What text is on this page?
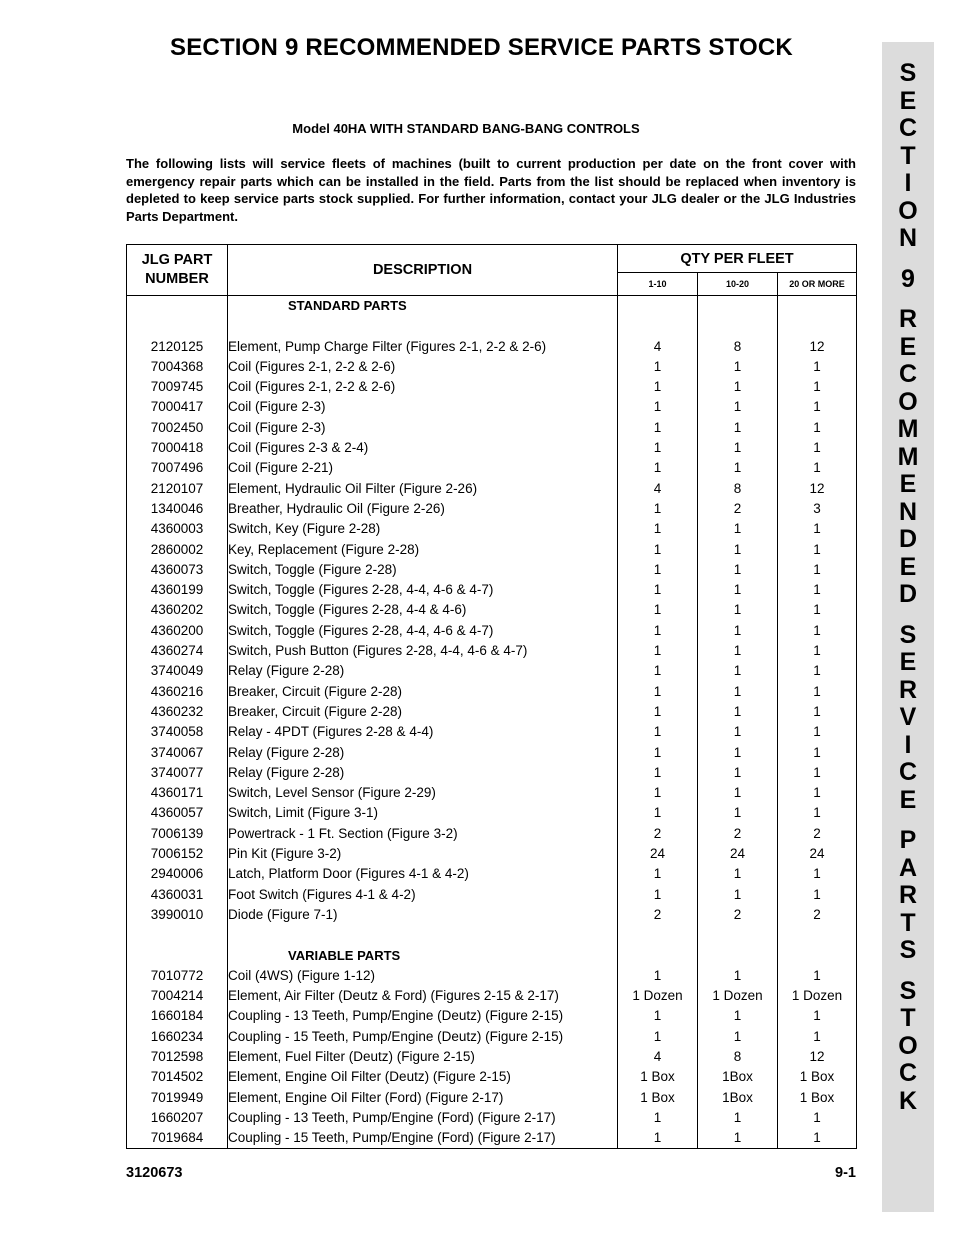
SECTION 9 RECOMMENDED SERVICE PARTS STOCK
Model 40HA WITH STANDARD BANG-BANG CONTROLS
The following lists will service fleets of machines (built to current production per date on the front cover with emergency repair parts which can be installed in the field. Parts from the list should be replaced when inventory is depleted to keep service parts stock supplied. For further information, contact your JLG dealer or the JLG Industries Parts Department.
S
E
C
T
I
O
N
9
R
E
C
O
M
M
E
N
D
E
D
S
E
R
V
I
C
E
P
A
R
T
S
S
T
O
C
K
JLG PART NUMBER	DESCRIPTION	QTY PER FLEET		
		1-10	10-20	20 OR MORE
	STANDARD PARTS			

2120125	Element, Pump Charge Filter (Figures 2-1, 2-2 & 2-6)	4	8	12
7004368	Coil (Figures 2-1, 2-2 & 2-6)	1	1	1
7009745	Coil (Figures 2-1, 2-2 & 2-6)	1	1	1
7000417	Coil (Figure 2-3)	1	1	1
7002450	Coil (Figure 2-3)	1	1	1
7000418	Coil (Figures 2-3 & 2-4)	1	1	1
7007496	Coil (Figure 2-21)	1	1	1
2120107	Element, Hydraulic Oil Filter (Figure 2-26)	4	8	12
1340046	Breather, Hydraulic Oil (Figure 2-26)	1	2	3
4360003	Switch, Key (Figure 2-28)	1	1	1
2860002	Key, Replacement (Figure 2-28)	1	1	1
4360073	Switch, Toggle (Figure 2-28)	1	1	1
4360199	Switch, Toggle (Figures 2-28, 4-4, 4-6 & 4-7)	1	1	1
4360202	Switch, Toggle (Figures 2-28, 4-4 & 4-6)	1	1	1
4360200	Switch, Toggle (Figures 2-28, 4-4, 4-6 & 4-7)	1	1	1
4360274	Switch, Push Button (Figures 2-28, 4-4, 4-6 & 4-7)	1	1	1
3740049	Relay (Figure 2-28)	1	1	1
4360216	Breaker, Circuit (Figure 2-28)	1	1	1
4360232	Breaker, Circuit (Figure 2-28)	1	1	1
3740058	Relay - 4PDT (Figures 2-28 & 4-4)	1	1	1
3740067	Relay (Figure 2-28)	1	1	1
3740077	Relay (Figure 2-28)	1	1	1
4360171	Switch, Level Sensor (Figure 2-29)	1	1	1
4360057	Switch, Limit (Figure 3-1)	1	1	1
7006139	Powertrack - 1 Ft. Section (Figure 3-2)	2	2	2
7006152	Pin Kit (Figure 3-2)	24	24	24
2940006	Latch, Platform Door (Figures 4-1 & 4-2)	1	1	1
4360031	Foot Switch (Figures 4-1 & 4-2)	1	1	1
3990010	Diode (Figure 7-1)	2	2	2

	VARIABLE PARTS			
7010772	Coil (4WS) (Figure 1-12)	1	1	1
7004214	Element, Air Filter (Deutz & Ford) (Figures 2-15 & 2-17)	1 Dozen	1 Dozen	1 Dozen
1660184	Coupling - 13 Teeth, Pump/Engine (Deutz) (Figure 2-15)	1	1	1
1660234	Coupling - 15 Teeth, Pump/Engine (Deutz) (Figure 2-15)	1	1	1
7012598	Element, Fuel Filter (Deutz) (Figure 2-15)	4	8	12
7014502	Element, Engine Oil Filter (Deutz) (Figure 2-15)	1 Box	1Box	1 Box
7019949	Element, Engine Oil Filter (Ford) (Figure 2-17)	1 Box	1Box	1 Box
1660207	Coupling - 13 Teeth, Pump/Engine (Ford) (Figure 2-17)	1	1	1
7019684	Coupling - 15 Teeth, Pump/Engine (Ford) (Figure 2-17)	1	1	1
3120673	9-1
